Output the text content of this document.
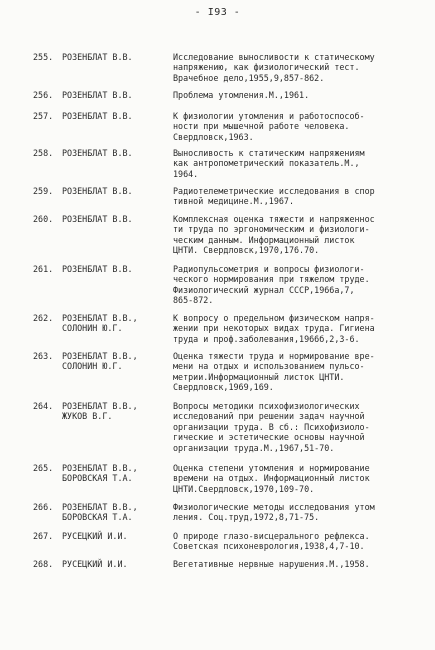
- I93 -
255. РОЗЕНБЛАТ В.В.	Исследование выносливости к статическому
напряжению, как физиологический тест.
Врачебное дело,1955,9,857-862.
256. РОЗЕНБЛАТ В.В.	Проблема утомления.М.,1961.
257. РОЗЕНБЛАТ В.В.	К физиологии утомления и работоспособ-
ности при мышечной работе человека.
Свердловск,1963.
258. РОЗЕНБЛАТ В.В.	Выносливость к статическим напряжениям
как антропометрический показатель.М.,
1964.
259. РОЗЕНБЛАТ В.В.	Радиотелеметрические исследования в спор
тивной медицине.М.,1967.
260. РОЗЕНБЛАТ В.В.	Комплексная оценка тяжести и напряженнос
ти труда по эргономическим и физиологи-
ческим данным. Информационный листок
ЦНТИ. Свердловск,1970,176.70.
261. РОЗЕНБЛАТ В.В.	Радиопульсометрия и вопросы физиологи-
ческого нормирования при тяжелом труде.
Физиологический журнал СССР,1966а,7,
865-872.
262. РОЗЕНБЛАТ В.В.,
СОЛОНИН Ю.Г.
К вопросу о предельном физическом напря-
жении при некоторых видах труда. Гигиена
труда и проф.заболевания,1966б,2,3-6.
263. РОЗЕНБЛАТ В.В.,
СОЛОНИН Ю.Г.
Оценка тяжести труда и нормирование вре-
мени на отдых и использованием пульсо-
метрии.Информационный листок ЦНТИ.
Свердловск,1969,169.
264. РОЗЕНБЛАТ В.В.,
ЖУКОВ В.Г.
Вопросы методики психофизиологических
исследований при решении задач научной
организации труда. В сб.: Психофизиоло-
гические и эстетические основы научной
организации труда.М.,1967,51-70.
265. РОЗЕНБЛАТ В.В.,
БОРОВСКАЯ Т.А.
Оценка степени утомления и нормирование
времени на отдых. Информационный листок
ЦНТИ.Свердловск,1970,109-70.
266. РОЗЕНБЛАТ В.В.,
БОРОВСКАЯ Т.А.
Физиологические методы исследования утом
ления. Соц.труд,1972,8,71-75.
267. РУСЕЦКИЙ И.И.	О природе глазо-висцерального рефлекса.
Советская психоневрология,1938,4,7-10.
268. РУСЕЦКИЙ И.И.	Вегетативные нервные нарушения.М.,1958.
